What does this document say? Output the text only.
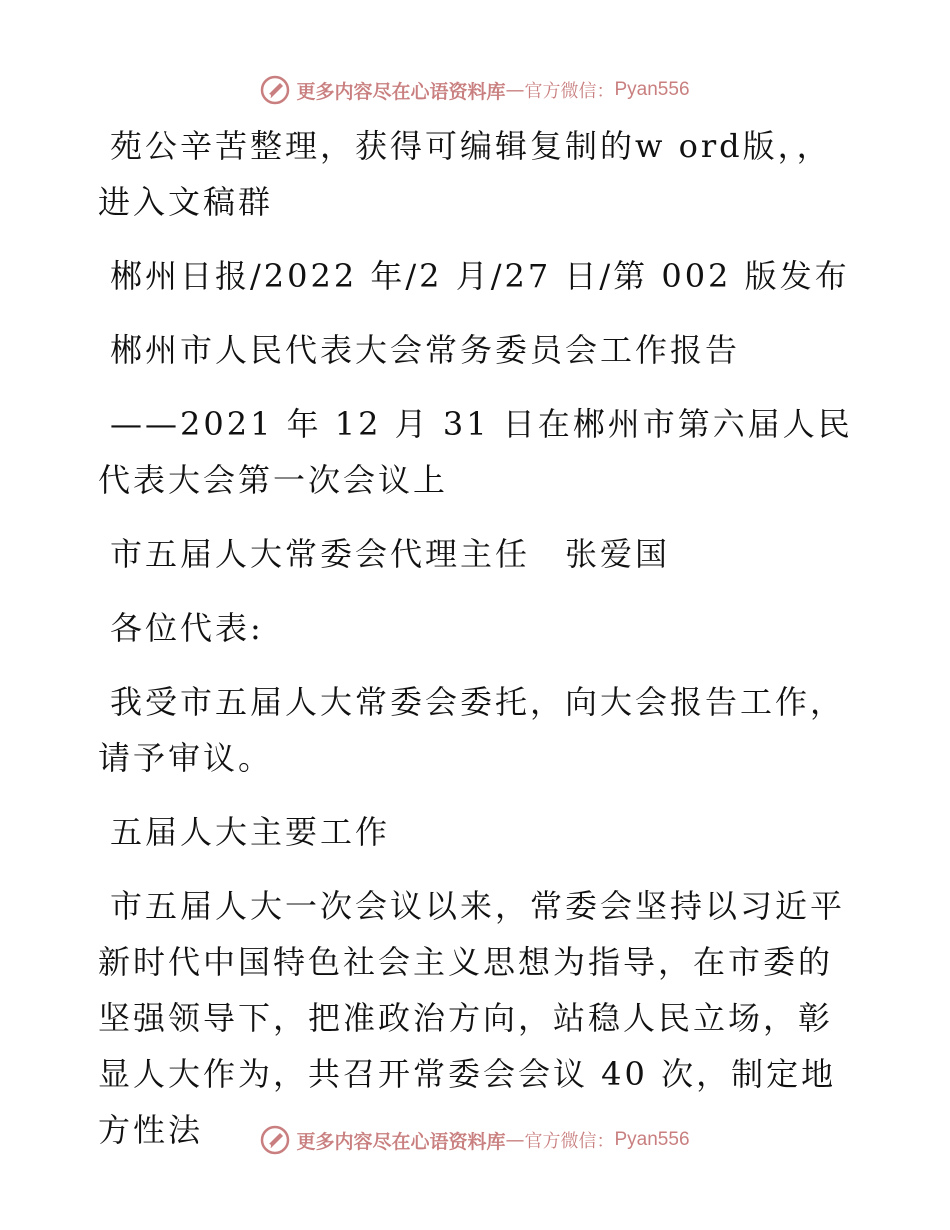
更多内容尽在心语资料库 — 官方微信： Pyan556

苑公辛苦整理，获得可编辑复制的w ord版，，进入文稿群

郴州日报/2022 年/2 月/27 日/第 002 版发布

郴州市人民代表大会常务委员会工作报告

——2021 年 12 月 31 日在郴州市第六届人民代表大会第一次会议上

市五届人大常委会代理主任　张爱国

各位代表:

我受市五届人大常委会委托，向大会报告工作，请予审议。

五届人大主要工作

市五届人大一次会议以来，常委会坚持以习近平新时代中国特色社会主义思想为指导，在市委的坚强领导下，把准政治方向，站稳人民立场，彰显人大作为，共召开常委会会议 40 次，制定地方性法	更多内容尽在心语资料库 — 官方微信： Pyan556
